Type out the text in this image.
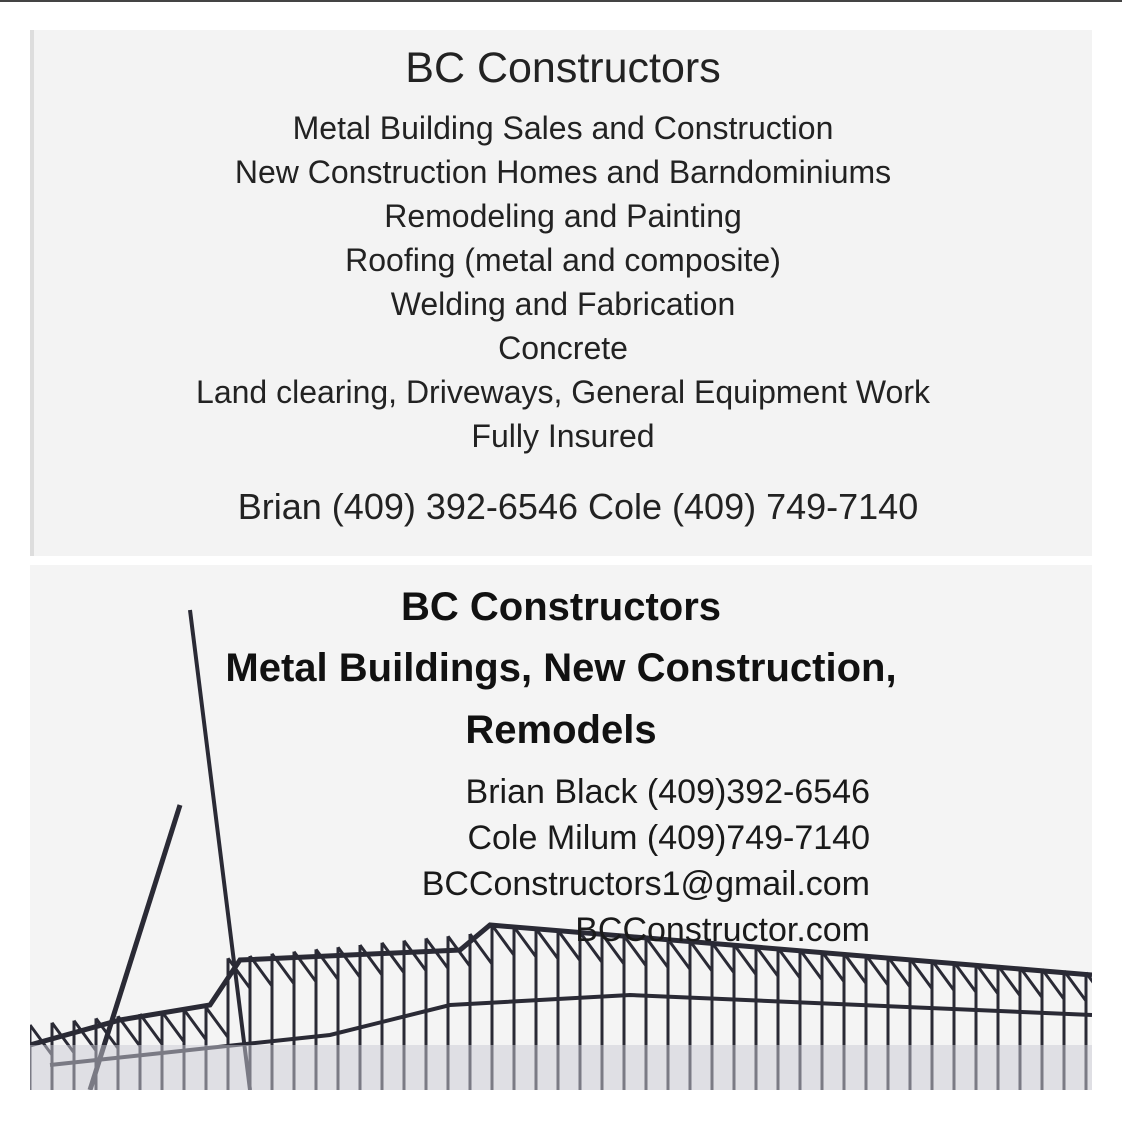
BC Constructors
Metal Building Sales and Construction
New Construction Homes and Barndominiums
Remodeling and Painting
Roofing (metal and composite)
Welding and Fabrication
Concrete
Land clearing, Driveways, General Equipment Work
Fully Insured
Brian (409) 392-6546 Cole (409) 749-7140
BC Constructors
Metal Buildings, New Construction,
Remodels
Brian Black (409)392-6546
Cole Milum (409)749-7140
BCConstructors1@gmail.com
BCConstructor.com
